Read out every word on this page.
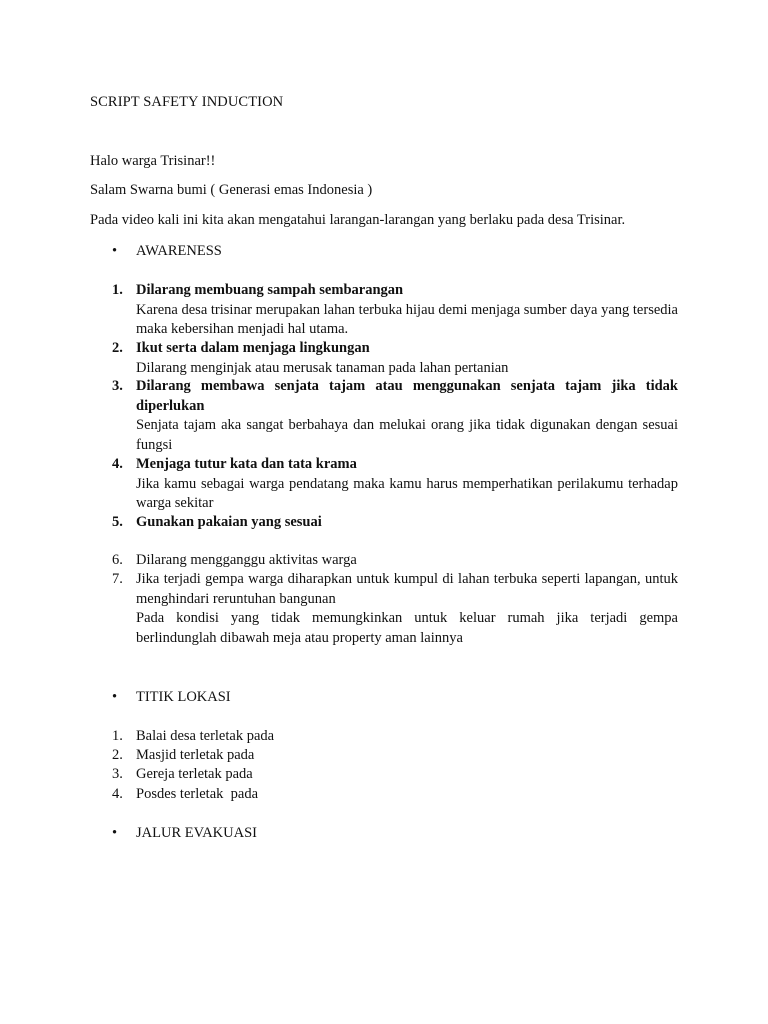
SCRIPT SAFETY INDUCTION
Halo warga Trisinar!!
Salam Swarna bumi ( Generasi emas Indonesia )
Pada video kali ini kita akan mengatahui larangan-larangan yang berlaku pada desa Trisinar.
• AWARENESS
1. Dilarang membuang sampah sembarangan
Karena desa trisinar merupakan lahan terbuka hijau demi menjaga sumber daya yang tersedia maka kebersihan menjadi hal utama.
2. Ikut serta dalam menjaga lingkungan
Dilarang menginjak atau merusak tanaman pada lahan pertanian
3. Dilarang membawa senjata tajam atau menggunakan senjata tajam jika tidak diperlukan
Senjata tajam aka sangat berbahaya dan melukai orang jika tidak digunakan dengan sesuai fungsi
4. Menjaga tutur kata dan tata krama
Jika kamu sebagai warga pendatang maka kamu harus memperhatikan perilakumu terhadap warga sekitar
5. Gunakan pakaian yang sesuai
6. Dilarang mengganggu aktivitas warga
7. Jika terjadi gempa warga diharapkan untuk kumpul di lahan terbuka seperti lapangan, untuk menghindari reruntuhan bangunan
Pada kondisi yang tidak memungkinkan untuk keluar rumah jika terjadi gempa berlindunglah dibawah meja atau property aman lainnya
• TITIK LOKASI
1. Balai desa terletak pada
2. Masjid terletak pada
3. Gereja terletak pada
4. Posdes terletak  pada
• JALUR EVAKUASI
